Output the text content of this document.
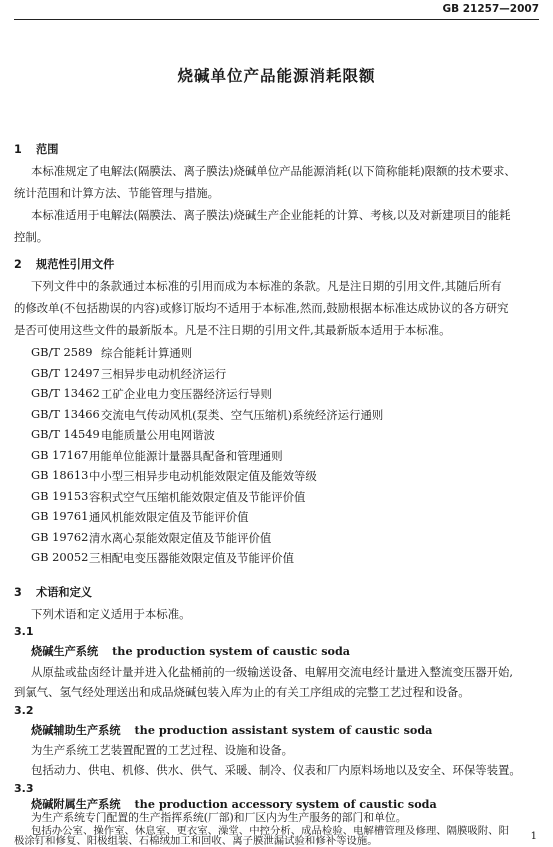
GB 21257—2007
烧碱单位产品能源消耗限额
1 范围
本标准规定了电解法(隔膜法、离子膜法)烧碱单位产品能源消耗(以下简称能耗)限额的技术要求、
统计范围和计算方法、节能管理与措施。
本标准适用于电解法(隔膜法、离子膜法)烧碱生产企业能耗的计算、考核,以及对新建项目的能耗
控制。
2 规范性引用文件
下列文件中的条款通过本标准的引用而成为本标准的条款。凡是注日期的引用文件,其随后所有
的修改单(不包括勘误的内容)或修订版均不适用于本标准,然而,鼓励根据本标准达成协议的各方研究
是否可使用这些文件的最新版本。凡是不注日期的引用文件,其最新版本适用于本标准。
GB/T 2589 综合能耗计算通则
GB/T 12497 三相异步电动机经济运行
GB/T 13462 工矿企业电力变压器经济运行导则
GB/T 13466 交流电气传动风机(泵类、空气压缩机)系统经济运行通则
GB/T 14549 电能质量公用电网谐波
GB 17167 用能单位能源计量器具配备和管理通则
GB 18613 中小型三相异步电动机能效限定值及能效等级
GB 19153 容积式空气压缩机能效限定值及节能评价值
GB 19761 通风机能效限定值及节能评价值
GB 19762 清水离心泵能效限定值及节能评价值
GB 20052 三相配电变压器能效限定值及节能评价值
3 术语和定义
下列术语和定义适用于本标准。
3.1
烧碱生产系统 the production system of caustic soda
从原盐或盐卤经计量并进入化盐桶前的一级输送设备、电解用交流电经计量进入整流变压器开始,
到氯气、氢气经处理送出和成品烧碱包装入库为止的有关工序组成的完整工艺过程和设备。
3.2
烧碱辅助生产系统 the production assistant system of caustic soda
为生产系统工艺装置配置的工艺过程、设施和设备。
包括动力、供电、机修、供水、供气、采暖、制冷、仪表和厂内原料场地以及安全、环保等装置。
3.3
烧碱附属生产系统 the production accessory system of caustic soda
为生产系统专门配置的生产指挥系统(厂部)和厂区内为生产服务的部门和单位。
包括办公室、操作室、休息室、更衣室、澡堂、中控分析、成品检验、电解槽管理及修理、隔膜吸附、阳
极涂钉和修复、阳极组装、石棉绒加工和回收、离子膜泄漏试验和修补等设施。	1
